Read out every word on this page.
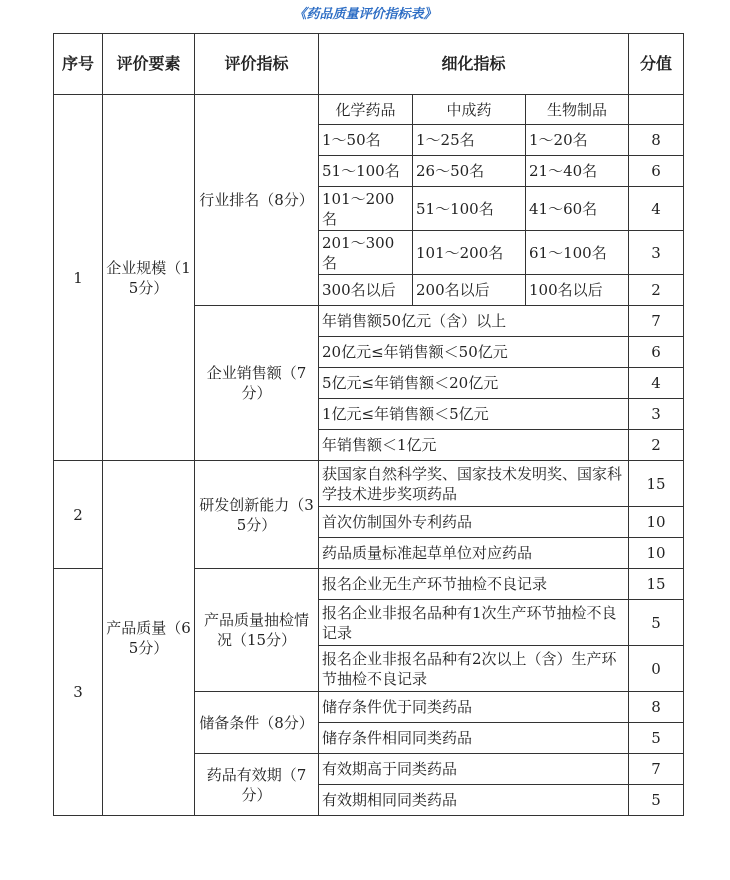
《药品质量评价指标表》
序号	评价要素	评价指标	细化指标			分值
1	企业规模（15分）	行业排名（8分）	化学药品	中成药	生物制品	
			1～50名	1～25名	1～20名	8
			51～100名	26～50名	21～40名	6
			101～200名	51～100名	41～60名	4
			201～300名	101～200名	61～100名	3
			300名以后	200名以后	100名以后	2
		企业销售额（7分）	年销售额50亿元（含）以上			7
			20亿元≤年销售额＜50亿元			6
			5亿元≤年销售额＜20亿元			4
			1亿元≤年销售额＜5亿元			3
			年销售额＜1亿元			2
2	产品质量（65分）	研发创新能力（35分）	获国家自然科学奖、国家技术发明奖、国家科学技术进步奖项药品			15
			首次仿制国外专利药品			10
			药品质量标准起草单位对应药品			10
3		产品质量抽检情况（15分）	报名企业无生产环节抽检不良记录			15
			报名企业非报名品种有1次生产环节抽检不良记录			5
			报名企业非报名品种有2次以上（含）生产环节抽检不良记录			0
		储备条件（8分）	储存条件优于同类药品			8
			储存条件相同同类药品			5
		药品有效期（7分）	有效期高于同类药品			7
			有效期相同同类药品			5
